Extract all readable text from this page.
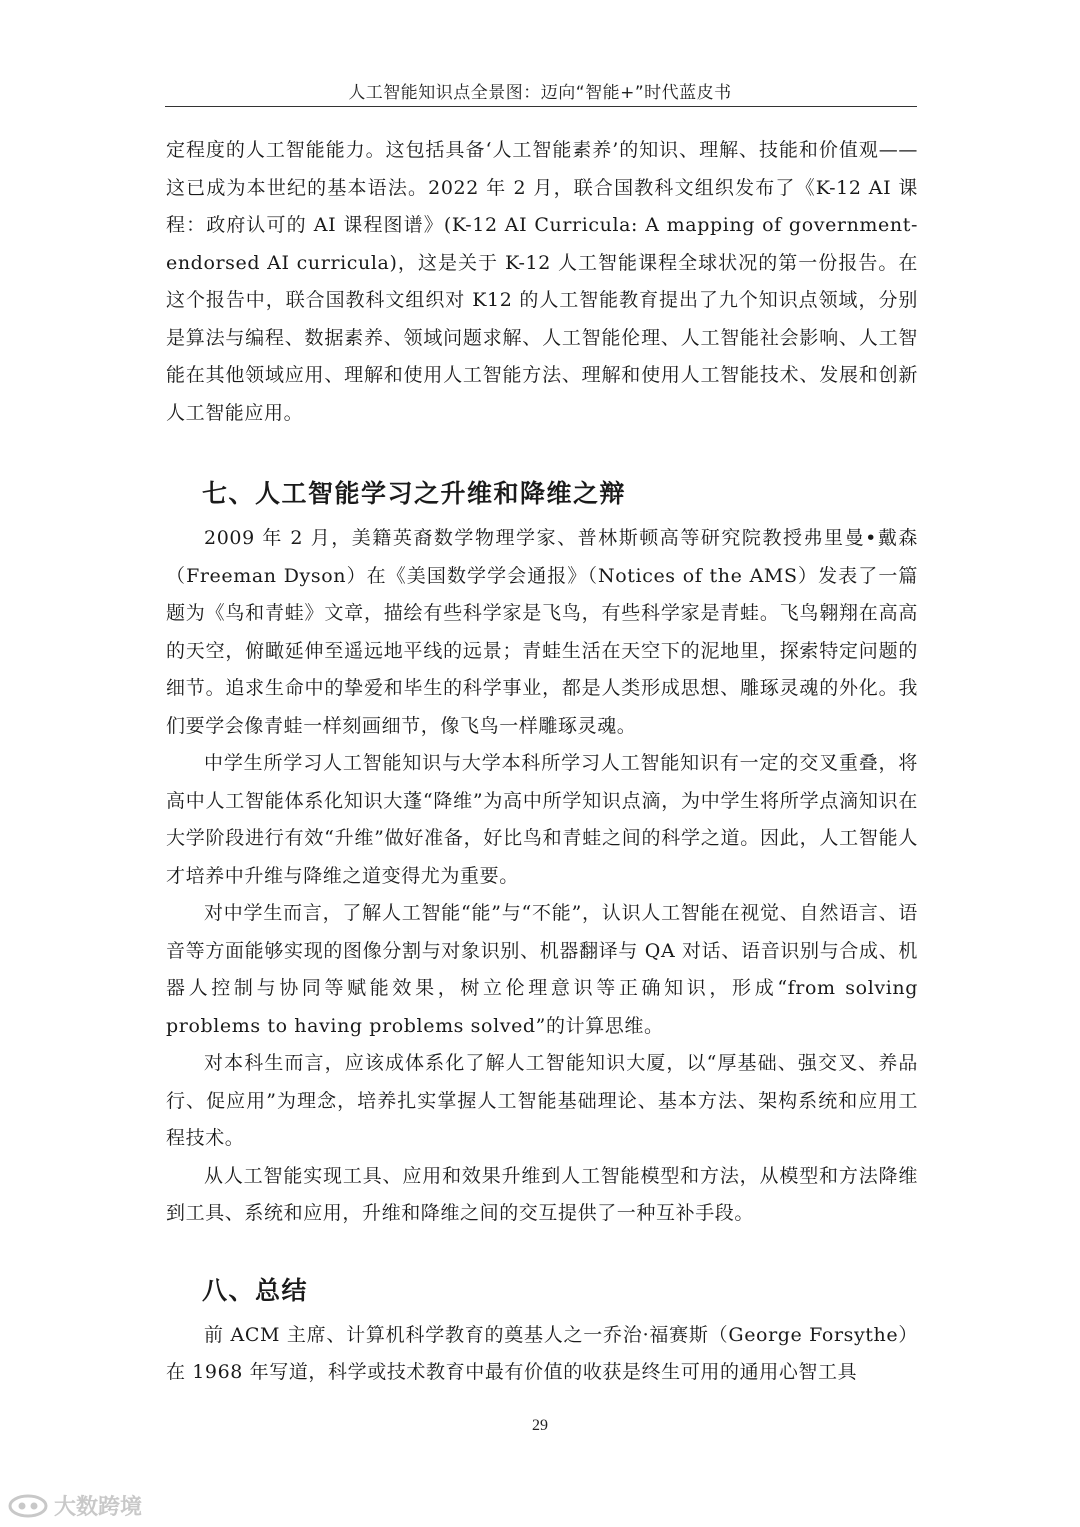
人工智能知识点全景图：迈向“智能+”时代蓝皮书

定程度的人工智能能力。这包括具备‘人工智能素养’的知识、理解、技能和价值观——这已成为本世纪的基本语法。2022 年 2 月，联合国教科文组织发布了《K-12 AI 课程：政府认可的 AI 课程图谱》(K-12 AI Curricula: A mapping of government-endorsed AI curricula)，这是关于 K-12 人工智能课程全球状况的第一份报告。在这个报告中，联合国教科文组织对 K12 的人工智能教育提出了九个知识点领域，分别是算法与编程、数据素养、领域问题求解、人工智能伦理、人工智能社会影响、人工智能在其他领域应用、理解和使用人工智能方法、理解和使用人工智能技术、发展和创新人工智能应用。

七、人工智能学习之升维和降维之辩

2009 年 2 月，美籍英裔数学物理学家、普林斯顿高等研究院教授弗里曼•戴森（Freeman Dyson）在《美国数学学会通报》（Notices of the AMS）发表了一篇题为《鸟和青蛙》文章，描绘有些科学家是飞鸟，有些科学家是青蛙。飞鸟翱翔在高高的天空，俯瞰延伸至遥远地平线的远景；青蛙生活在天空下的泥地里，探索特定问题的细节。追求生命中的挚爱和毕生的科学事业，都是人类形成思想、雕琢灵魂的外化。我们要学会像青蛙一样刻画细节，像飞鸟一样雕琢灵魂。

中学生所学习人工智能知识与大学本科所学习人工智能知识有一定的交叉重叠，将高中人工智能体系化知识大蓬“降维”为高中所学知识点滴，为中学生将所学点滴知识在大学阶段进行有效“升维”做好准备，好比鸟和青蛙之间的科学之道。因此，人工智能人才培养中升维与降维之道变得尤为重要。

对中学生而言，了解人工智能“能”与“不能”，认识人工智能在视觉、自然语言、语音等方面能够实现的图像分割与对象识别、机器翻译与 QA 对话、语音识别与合成、机器人控制与协同等赋能效果，树立伦理意识等正确知识，形成“from solving problems to having problems solved”的计算思维。

对本科生而言，应该成体系化了解人工智能知识大厦，以“厚基础、强交叉、养品行、促应用”为理念，培养扎实掌握人工智能基础理论、基本方法、架构系统和应用工程技术。

从人工智能实现工具、应用和效果升维到人工智能模型和方法，从模型和方法降维到工具、系统和应用，升维和降维之间的交互提供了一种互补手段。

八、总结

前 ACM 主席、计算机科学教育的奠基人之一乔治·福赛斯（George Forsythe）在 1968 年写道，科学或技术教育中最有价值的收获是终生可用的通用心智工具

29
大数跨境
